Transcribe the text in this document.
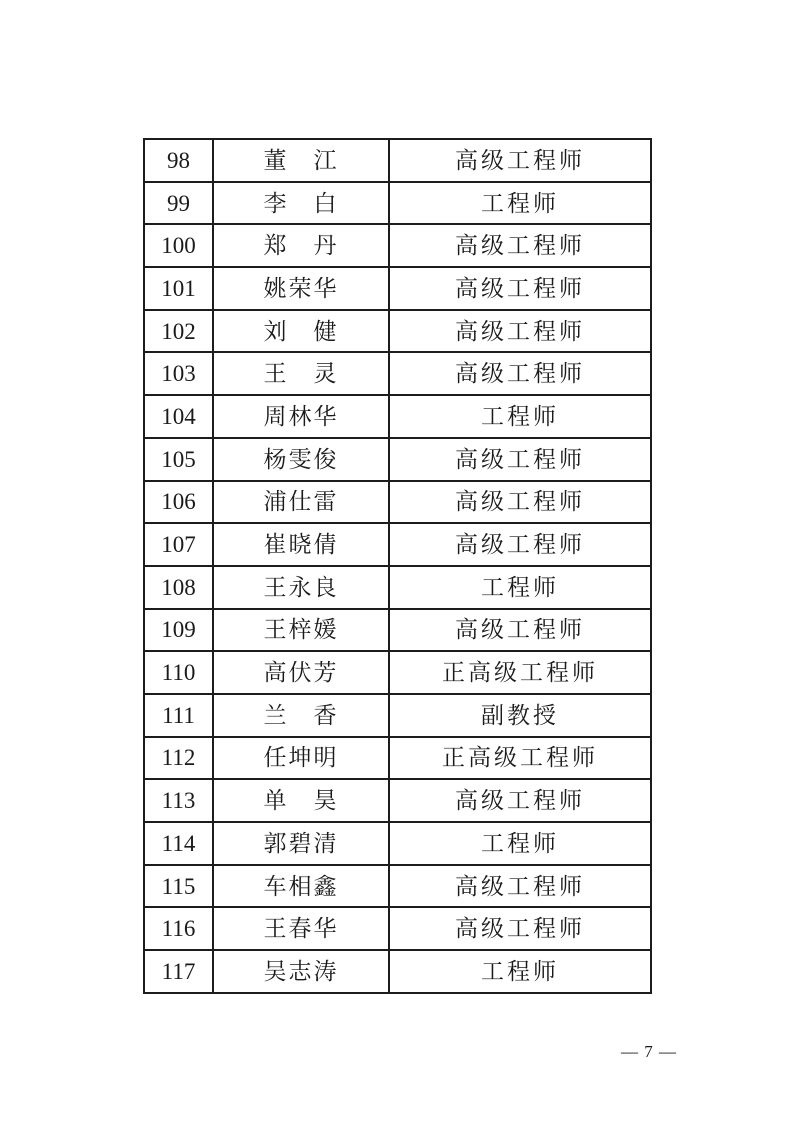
98	董　江	高级工程师
99	李　白	工程师
100	郑　丹	高级工程师
101	姚荣华	高级工程师
102	刘　健	高级工程师
103	王　灵	高级工程师
104	周林华	工程师
105	杨雯俊	高级工程师
106	浦仕雷	高级工程师
107	崔晓倩	高级工程师
108	王永良	工程师
109	王梓媛	高级工程师
110	高伏芳	正高级工程师
111	兰　香	副教授
112	任坤明	正高级工程师
113	单　昊	高级工程师
114	郭碧清	工程师
115	车相鑫	高级工程师
116	王春华	高级工程师
117	吴志涛	工程师
— 7 —
